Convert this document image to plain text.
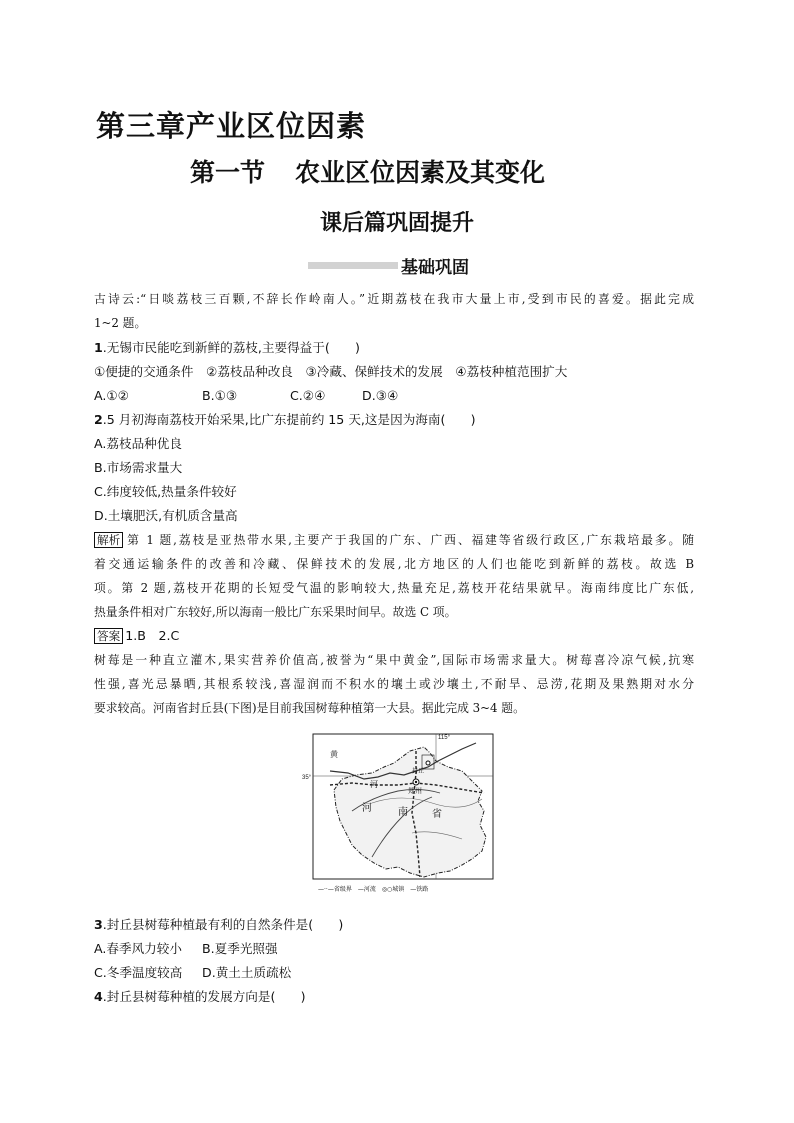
第三章产业区位因素
第一节 农业区位因素及其变化
课后篇巩固提升
基础巩固
古诗云:“日啖荔枝三百颗,不辞长作岭南人。”近期荔枝在我市大量上市,受到市民的喜爱。据此完成
1~2 题。
1.无锡市民能吃到新鲜的荔枝,主要得益于(　　)
①便捷的交通条件　②荔枝品种改良　③冷藏、保鲜技术的发展　④荔枝种植范围扩大
A.①②	B.①③	C.②④	D.③④
2.5 月初海南荔枝开始采果,比广东提前约 15 天,这是因为海南(　　)
A.荔枝品种优良
B.市场需求量大
C.纬度较低,热量条件较好
D.土壤肥沃,有机质含量高
解析 第 1 题,荔枝是亚热带水果,主要产于我国的广东、广西、福建等省级行政区,广东栽培最多。随
着交通运输条件的改善和冷藏、保鲜技术的发展,北方地区的人们也能吃到新鲜的荔枝。故选 B
项。第 2 题,荔枝开花期的长短受气温的影响较大,热量充足,荔枝开花结果就早。海南纬度比广东低,
热量条件相对广东较好,所以海南一般比广东采果时间早。故选 C 项。
答案 1.B　2.C
树莓是一种直立灌木,果实营养价值高,被誉为“果中黄金”,国际市场需求量大。树莓喜冷凉气候,抗寒
性强,喜光忌暴晒,其根系较浅,喜湿润而不积水的壤土或沙壤土,不耐旱、忌涝,花期及果熟期对水分
要求较高。河南省封丘县(下图)是目前我国树莓种植第一大县。据此完成 3~4 题。
115°
35°
黄
河
封丘
郑州
河	南 省
—··—省级界　—河流　◎○城镇　—铁路
3.封丘县树莓种植最有利的自然条件是(　　)
A.春季风力较小 B.夏季光照强
C.冬季温度较高 D.黄土土质疏松
4.封丘县树莓种植的发展方向是(　　)
